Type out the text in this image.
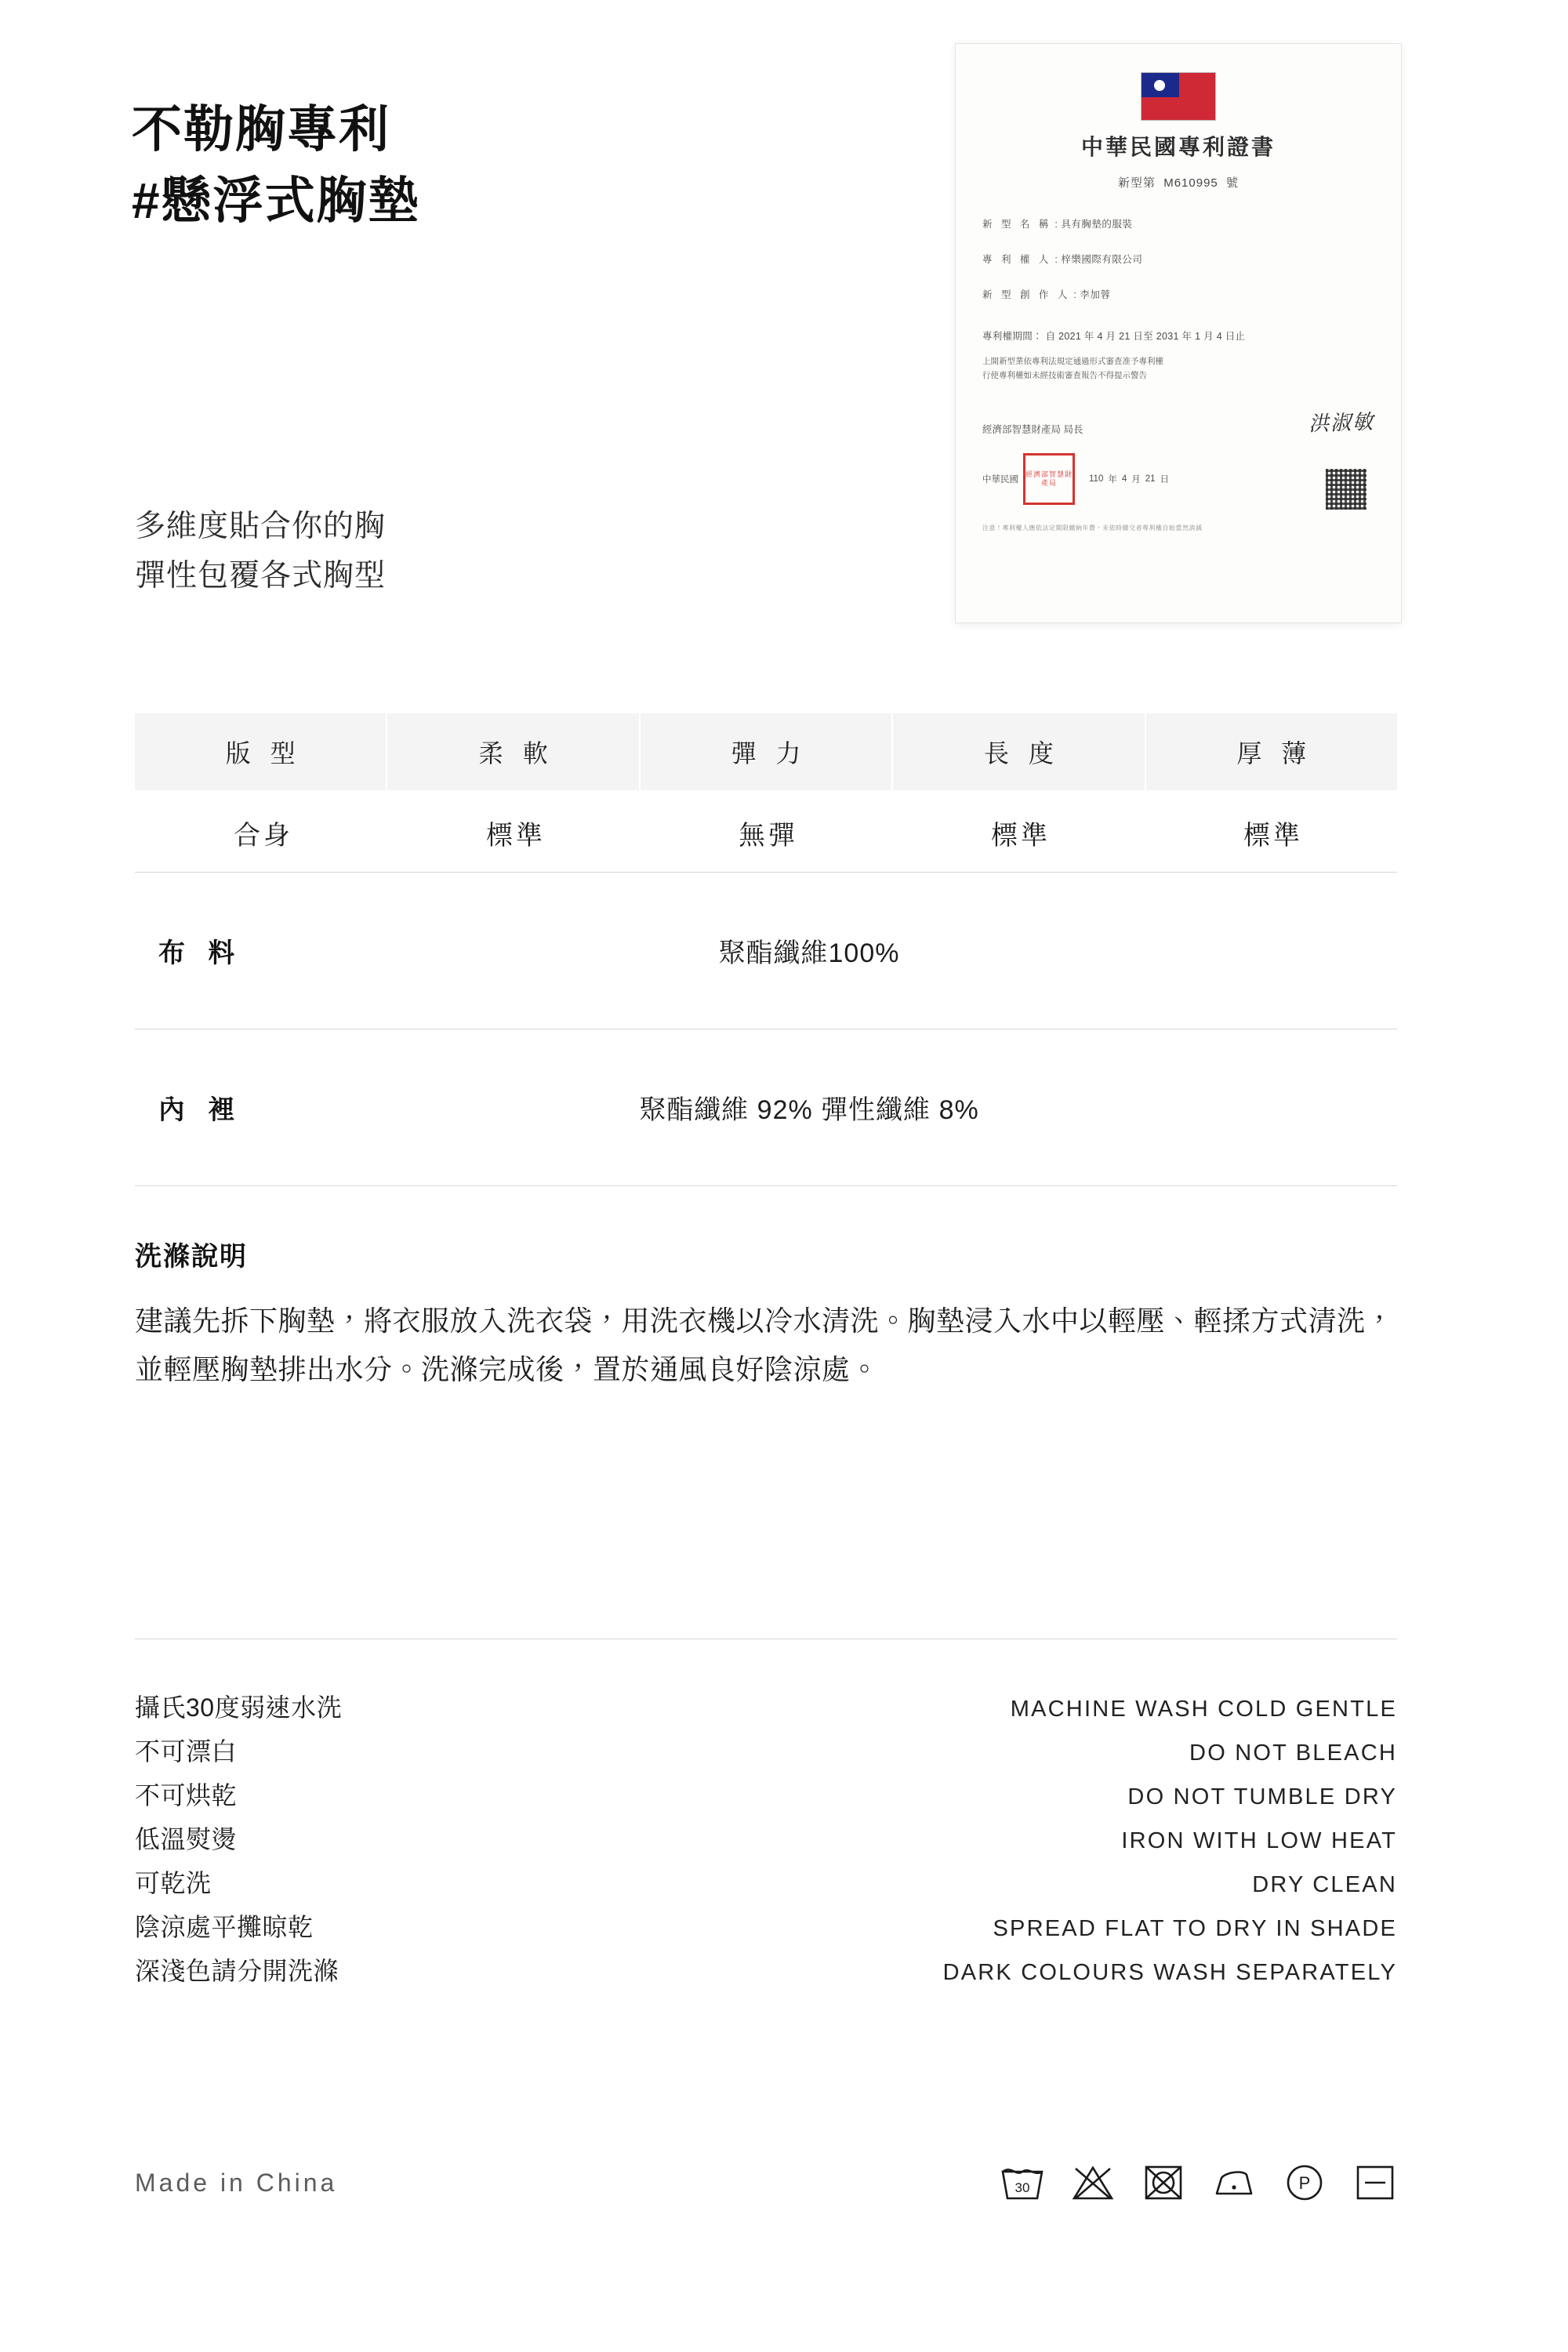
不勒胸專利
#懸浮式胸墊
多維度貼合你的胸
彈性包覆各式胸型
中華民國專利證書
新型第 M610995 號
新 型 名 稱 : 具有胸墊的服裝
專 利 權 人 : 梓樂國際有限公司
新 型 創 作 人 : 李加蓉
專利權期間： 自 2021 年 4 月 21 日至 2031 年 1 月 4 日止
上開新型業依專利法規定通過形式審查准予專利權
行使專利權如未經技術審查報告不得提示警告
經濟部智慧財產局 局長	洪淑敏
中華民國
經濟部智慧財產局	110 年 4 月 21 日
注意！專利權人應依法定期限繳納年費，未依時繳交者專利權自始當然消滅
版 型	柔 軟	彈 力	長 度	厚 薄
合身	標準	無彈	標準	標準
布 料	聚酯纖維100%
內 裡	聚酯纖維 92% 彈性纖維 8%
洗滌說明
建議先拆下胸墊，將衣服放入洗衣袋，用洗衣機以冷水清洗。胸墊浸入水中以輕壓、輕揉方式清洗，並輕壓胸墊排出水分。洗滌完成後，置於通風良好陰涼處。
攝氏30度弱速水洗	MACHINE WASH COLD GENTLE
不可漂白	DO NOT BLEACH
不可烘乾	DO NOT TUMBLE DRY
低溫熨燙	IRON WITH LOW HEAT
可乾洗	DRY CLEAN
陰涼處平攤晾乾	SPREAD FLAT TO DRY IN SHADE
深淺色請分開洗滌	DARK COLOURS WASH SEPARATELY
Made in China	30	P
